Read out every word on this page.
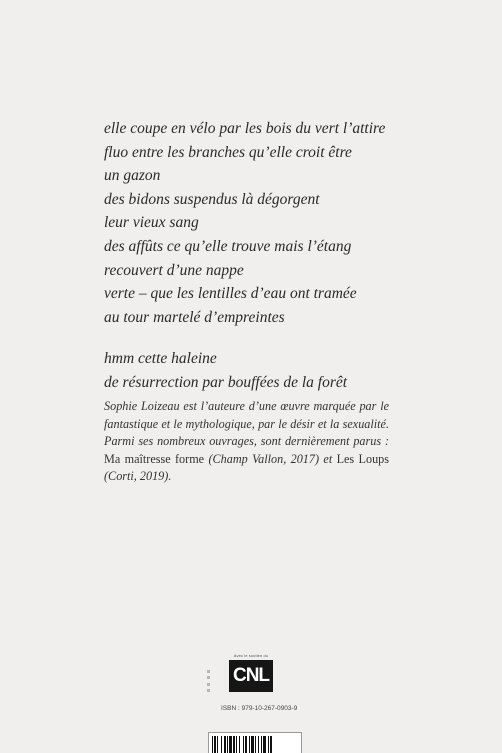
elle coupe en vélo par les bois du vert l’attire
fluo entre les branches qu’elle croit être
un gazon
des bidons suspendus là dégorgent
leur vieux sang
des affûts ce qu’elle trouve mais l’étang
recouvert d’une nappe
verte – que les lentilles d’eau ont tramée
au tour martelé d’empreintes
hmm cette haleine
de résurrection par bouffées de la forêt
Sophie Loizeau est l’auteure d’une œuvre marquée par le fantastique et le mythologique, par le désir et la sexualité. Parmi ses nombreux ouvrages, sont dernièrement parus : Ma maîtresse forme (Champ Vallon, 2017) et Les Loups (Corti, 2019).
Avec le soutien du
CNL
ISBN : 979-10-267-0903-9
